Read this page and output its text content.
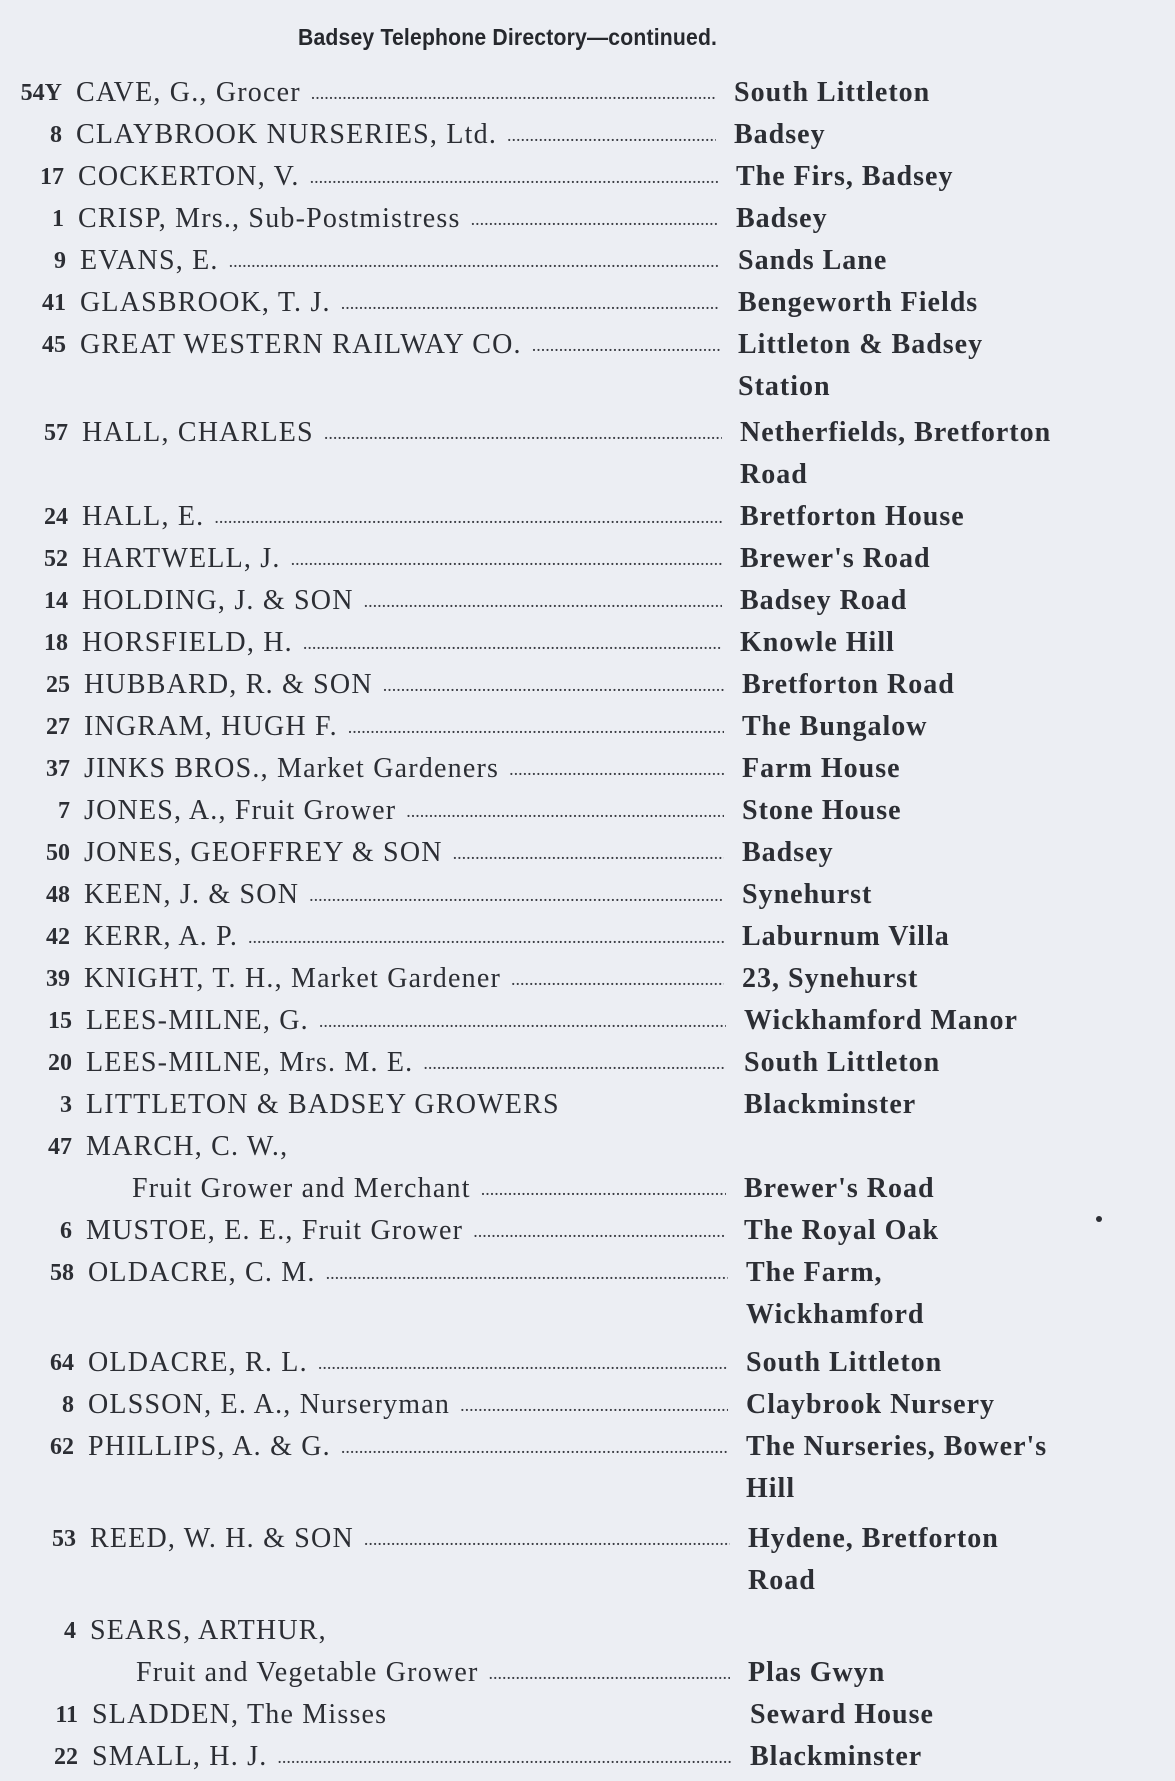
Badsey Telephone Directory—continued.
54Y CAVE, G., Grocer .....	South Littleton
8 CLAYBROOK NURSERIES, Ltd. .....	Badsey
17 COCKERTON, V. .....	The Firs, Badsey
1 CRISP, Mrs., Sub-Postmistress .....	Badsey
9 EVANS, E. .....	Sands Lane
41 GLASBROOK, T. J. .....	Bengeworth Fields
45 GREAT WESTERN RAILWAY CO. .....	Littleton & Badsey Station
57 HALL, CHARLES .....	Netherfields, Bretforton Road
24 HALL, E. .....	Bretforton House
52 HARTWELL, J. .....	Brewer's Road
14 HOLDING, J. & SON .....	Badsey Road
18 HORSFIELD, H. .....	Knowle Hill
25 HUBBARD, R. & SON .....	Bretforton Road
27 INGRAM, HUGH F. .....	The Bungalow
37 JINKS BROS., Market Gardeners .....	Farm House
7 JONES, A., Fruit Grower .....	Stone House
50 JONES, GEOFFREY & SON .....	Badsey
48 KEEN, J. & SON .....	Synehurst
42 KERR, A. P. .....	Laburnum Villa
39 KNIGHT, T. H., Market Gardener .....	23, Synehurst
15 LEES-MILNE, G. .....	Wickhamford Manor
20 LEES-MILNE, Mrs. M. E. .....	South Littleton
3 LITTLETON & BADSEY GROWERS	Blackminster
47 MARCH, C. W.,
Fruit Grower and Merchant .....	Brewer's Road
6 MUSTOE, E. E., Fruit Grower .....	The Royal Oak
58 OLDACRE, C. M. .....	The Farm, Wickhamford
64 OLDACRE, R. L. .....	South Littleton
8 OLSSON, E. A., Nurseryman .....	Claybrook Nursery
62 PHILLIPS, A. & G. .....	The Nurseries, Bower's Hill
53 REED, W. H. & SON .....	Hydene, Bretforton Road
4 SEARS, ARTHUR,
Fruit and Vegetable Grower .....	Plas Gwyn
11 SLADDEN, The Misses	Seward House
22 SMALL, H. J. .....	Blackminster
